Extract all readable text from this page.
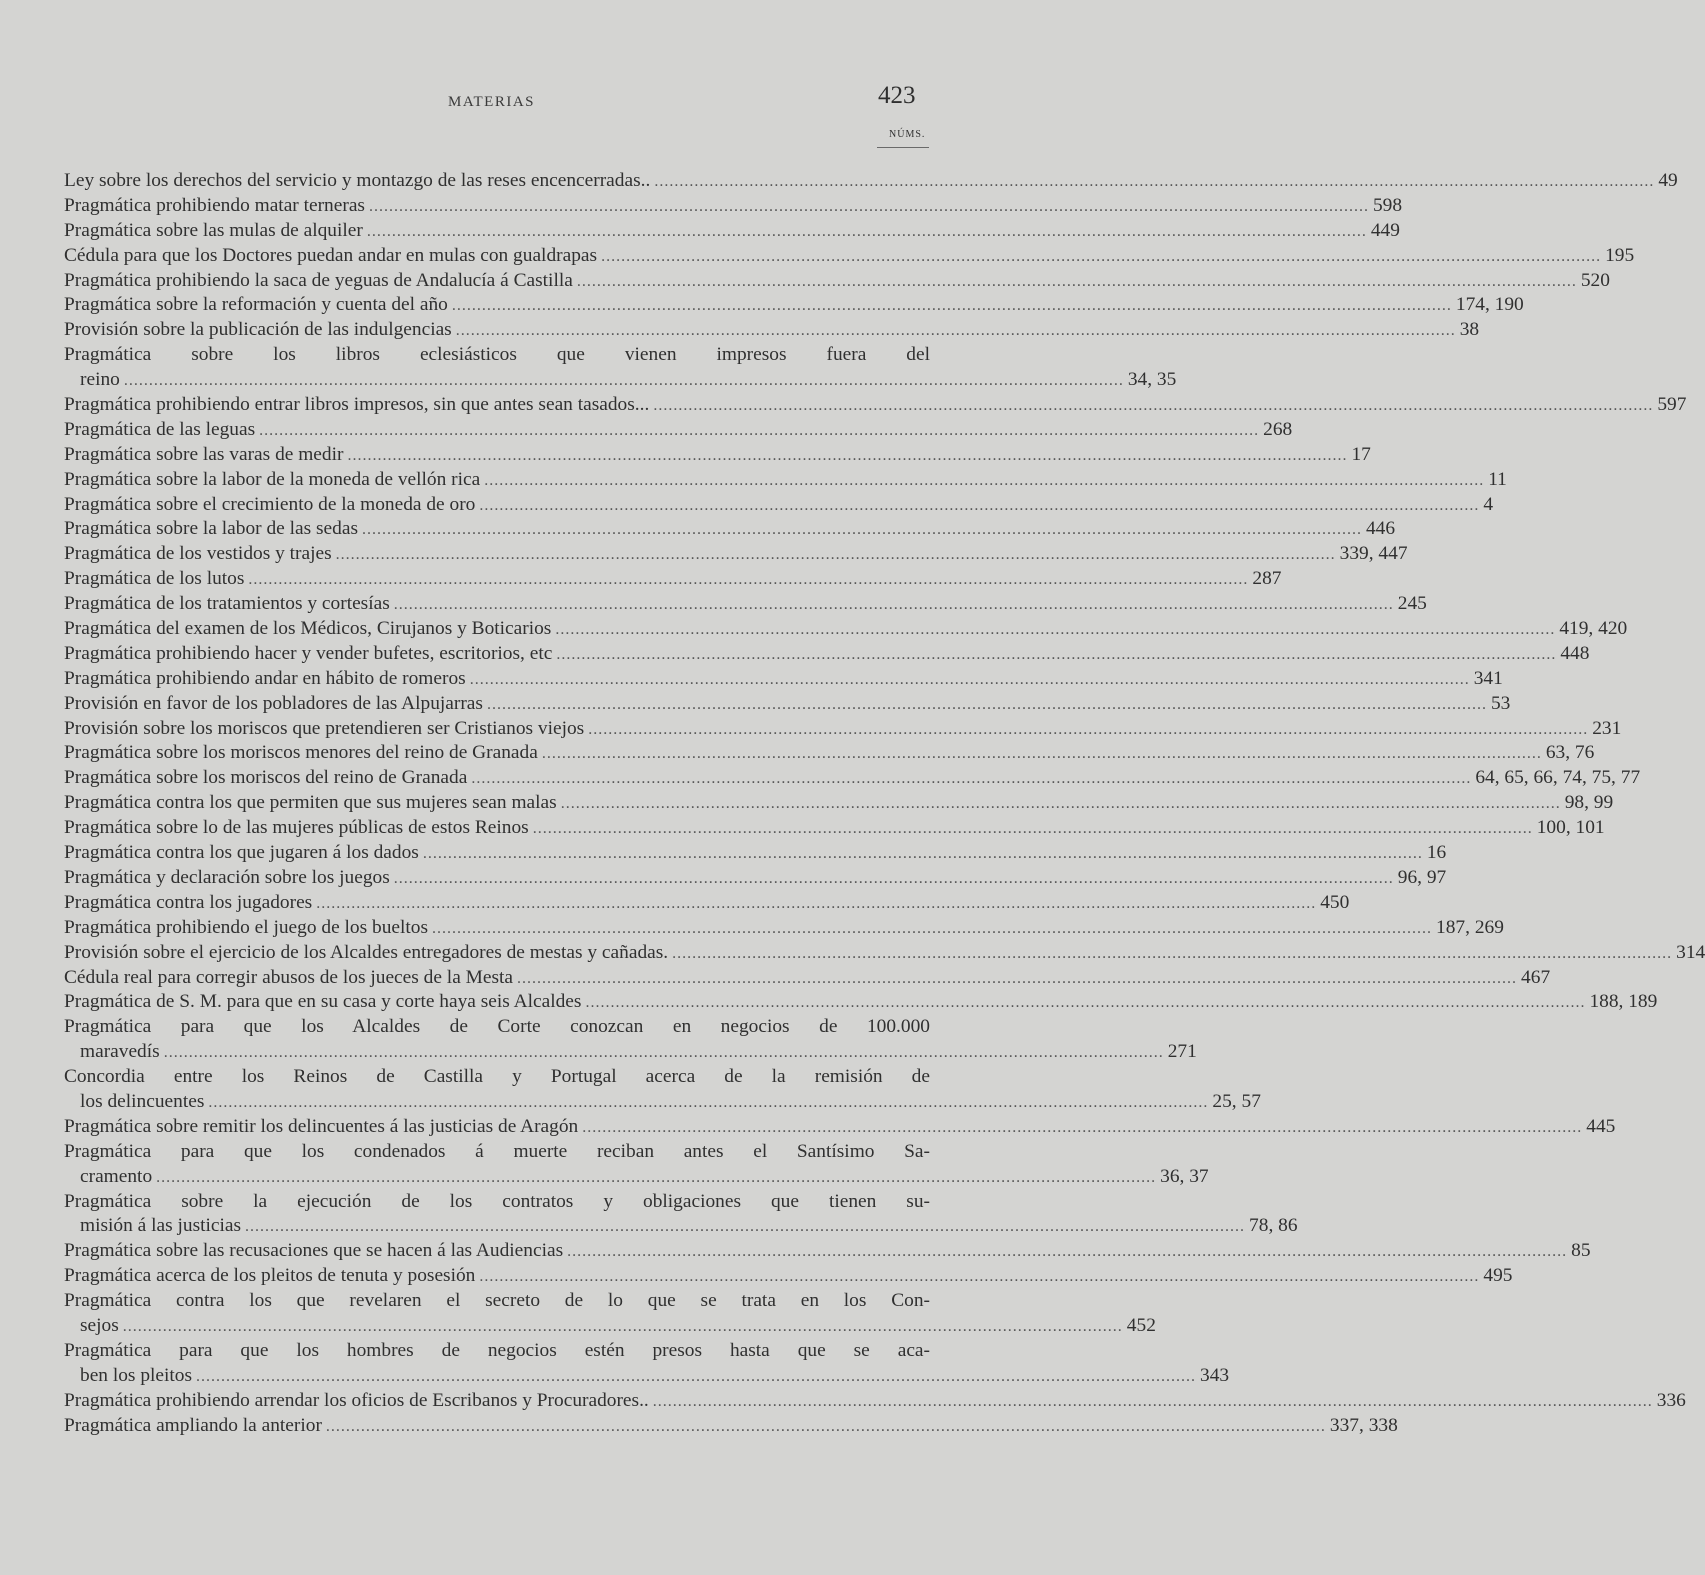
MATERIAS	423
NÚMS.
Ley sobre los derechos del servicio y montazgo de las reses encencerradas.. ........................................................................................................................................................................................................ 49
Pragmática prohibiendo matar terneras ........................................................................................................................................................................................................ 598
Pragmática sobre las mulas de alquiler ........................................................................................................................................................................................................ 449
Cédula para que los Doctores puedan andar en mulas con gualdrapas ........................................................................................................................................................................................................ 195
Pragmática prohibiendo la saca de yeguas de Andalucía á Castilla ........................................................................................................................................................................................................ 520
Pragmática sobre la reformación y cuenta del año ........................................................................................................................................................................................................ 174, 190
Provisión sobre la publicación de las indulgencias ........................................................................................................................................................................................................ 38
Pragmática sobre los libros eclesiásticos que vienen impresos fuera del
reino ........................................................................................................................................................................................................ 34, 35
Pragmática prohibiendo entrar libros impresos, sin que antes sean tasados... ........................................................................................................................................................................................................ 597
Pragmática de las leguas ........................................................................................................................................................................................................ 268
Pragmática sobre las varas de medir ........................................................................................................................................................................................................ 17
Pragmática sobre la labor de la moneda de vellón rica ........................................................................................................................................................................................................ 11
Pragmática sobre el crecimiento de la moneda de oro ........................................................................................................................................................................................................ 4
Pragmática sobre la labor de las sedas ........................................................................................................................................................................................................ 446
Pragmática de los vestidos y trajes ........................................................................................................................................................................................................ 339, 447
Pragmática de los lutos ........................................................................................................................................................................................................ 287
Pragmática de los tratamientos y cortesías ........................................................................................................................................................................................................ 245
Pragmática del examen de los Médicos, Cirujanos y Boticarios ........................................................................................................................................................................................................ 419, 420
Pragmática prohibiendo hacer y vender bufetes, escritorios, etc ........................................................................................................................................................................................................ 448
Pragmática prohibiendo andar en hábito de romeros ........................................................................................................................................................................................................ 341
Provisión en favor de los pobladores de las Alpujarras ........................................................................................................................................................................................................ 53
Provisión sobre los moriscos que pretendieren ser Cristianos viejos ........................................................................................................................................................................................................ 231
Pragmática sobre los moriscos menores del reino de Granada ........................................................................................................................................................................................................ 63, 76
Pragmática sobre los moriscos del reino de Granada ........................................................................................................................................................................................................ 64, 65, 66, 74, 75, 77
Pragmática contra los que permiten que sus mujeres sean malas ........................................................................................................................................................................................................ 98, 99
Pragmática sobre lo de las mujeres públicas de estos Reinos ........................................................................................................................................................................................................ 100, 101
Pragmática contra los que jugaren á los dados ........................................................................................................................................................................................................ 16
Pragmática y declaración sobre los juegos ........................................................................................................................................................................................................ 96, 97
Pragmática contra los jugadores ........................................................................................................................................................................................................ 450
Pragmática prohibiendo el juego de los bueltos ........................................................................................................................................................................................................ 187, 269
Provisión sobre el ejercicio de los Alcaldes entregadores de mestas y cañadas. ........................................................................................................................................................................................................ 314
Cédula real para corregir abusos de los jueces de la Mesta ........................................................................................................................................................................................................ 467
Pragmática de S. M. para que en su casa y corte haya seis Alcaldes ........................................................................................................................................................................................................ 188, 189
Pragmática para que los Alcaldes de Corte conozcan en negocios de 100.000
maravedís ........................................................................................................................................................................................................ 271
Concordia entre los Reinos de Castilla y Portugal acerca de la remisión de
los delincuentes ........................................................................................................................................................................................................ 25, 57
Pragmática sobre remitir los delincuentes á las justicias de Aragón ........................................................................................................................................................................................................ 445
Pragmática para que los condenados á muerte reciban antes el Santísimo Sa-
cramento ........................................................................................................................................................................................................ 36, 37
Pragmática sobre la ejecución de los contratos y obligaciones que tienen su-
misión á las justicias ........................................................................................................................................................................................................ 78, 86
Pragmática sobre las recusaciones que se hacen á las Audiencias ........................................................................................................................................................................................................ 85
Pragmática acerca de los pleitos de tenuta y posesión ........................................................................................................................................................................................................ 495
Pragmática contra los que revelaren el secreto de lo que se trata en los Con-
sejos ........................................................................................................................................................................................................ 452
Pragmática para que los hombres de negocios estén presos hasta que se aca-
ben los pleitos ........................................................................................................................................................................................................ 343
Pragmática prohibiendo arrendar los oficios de Escribanos y Procuradores.. ........................................................................................................................................................................................................ 336
Pragmática ampliando la anterior ........................................................................................................................................................................................................ 337, 338
